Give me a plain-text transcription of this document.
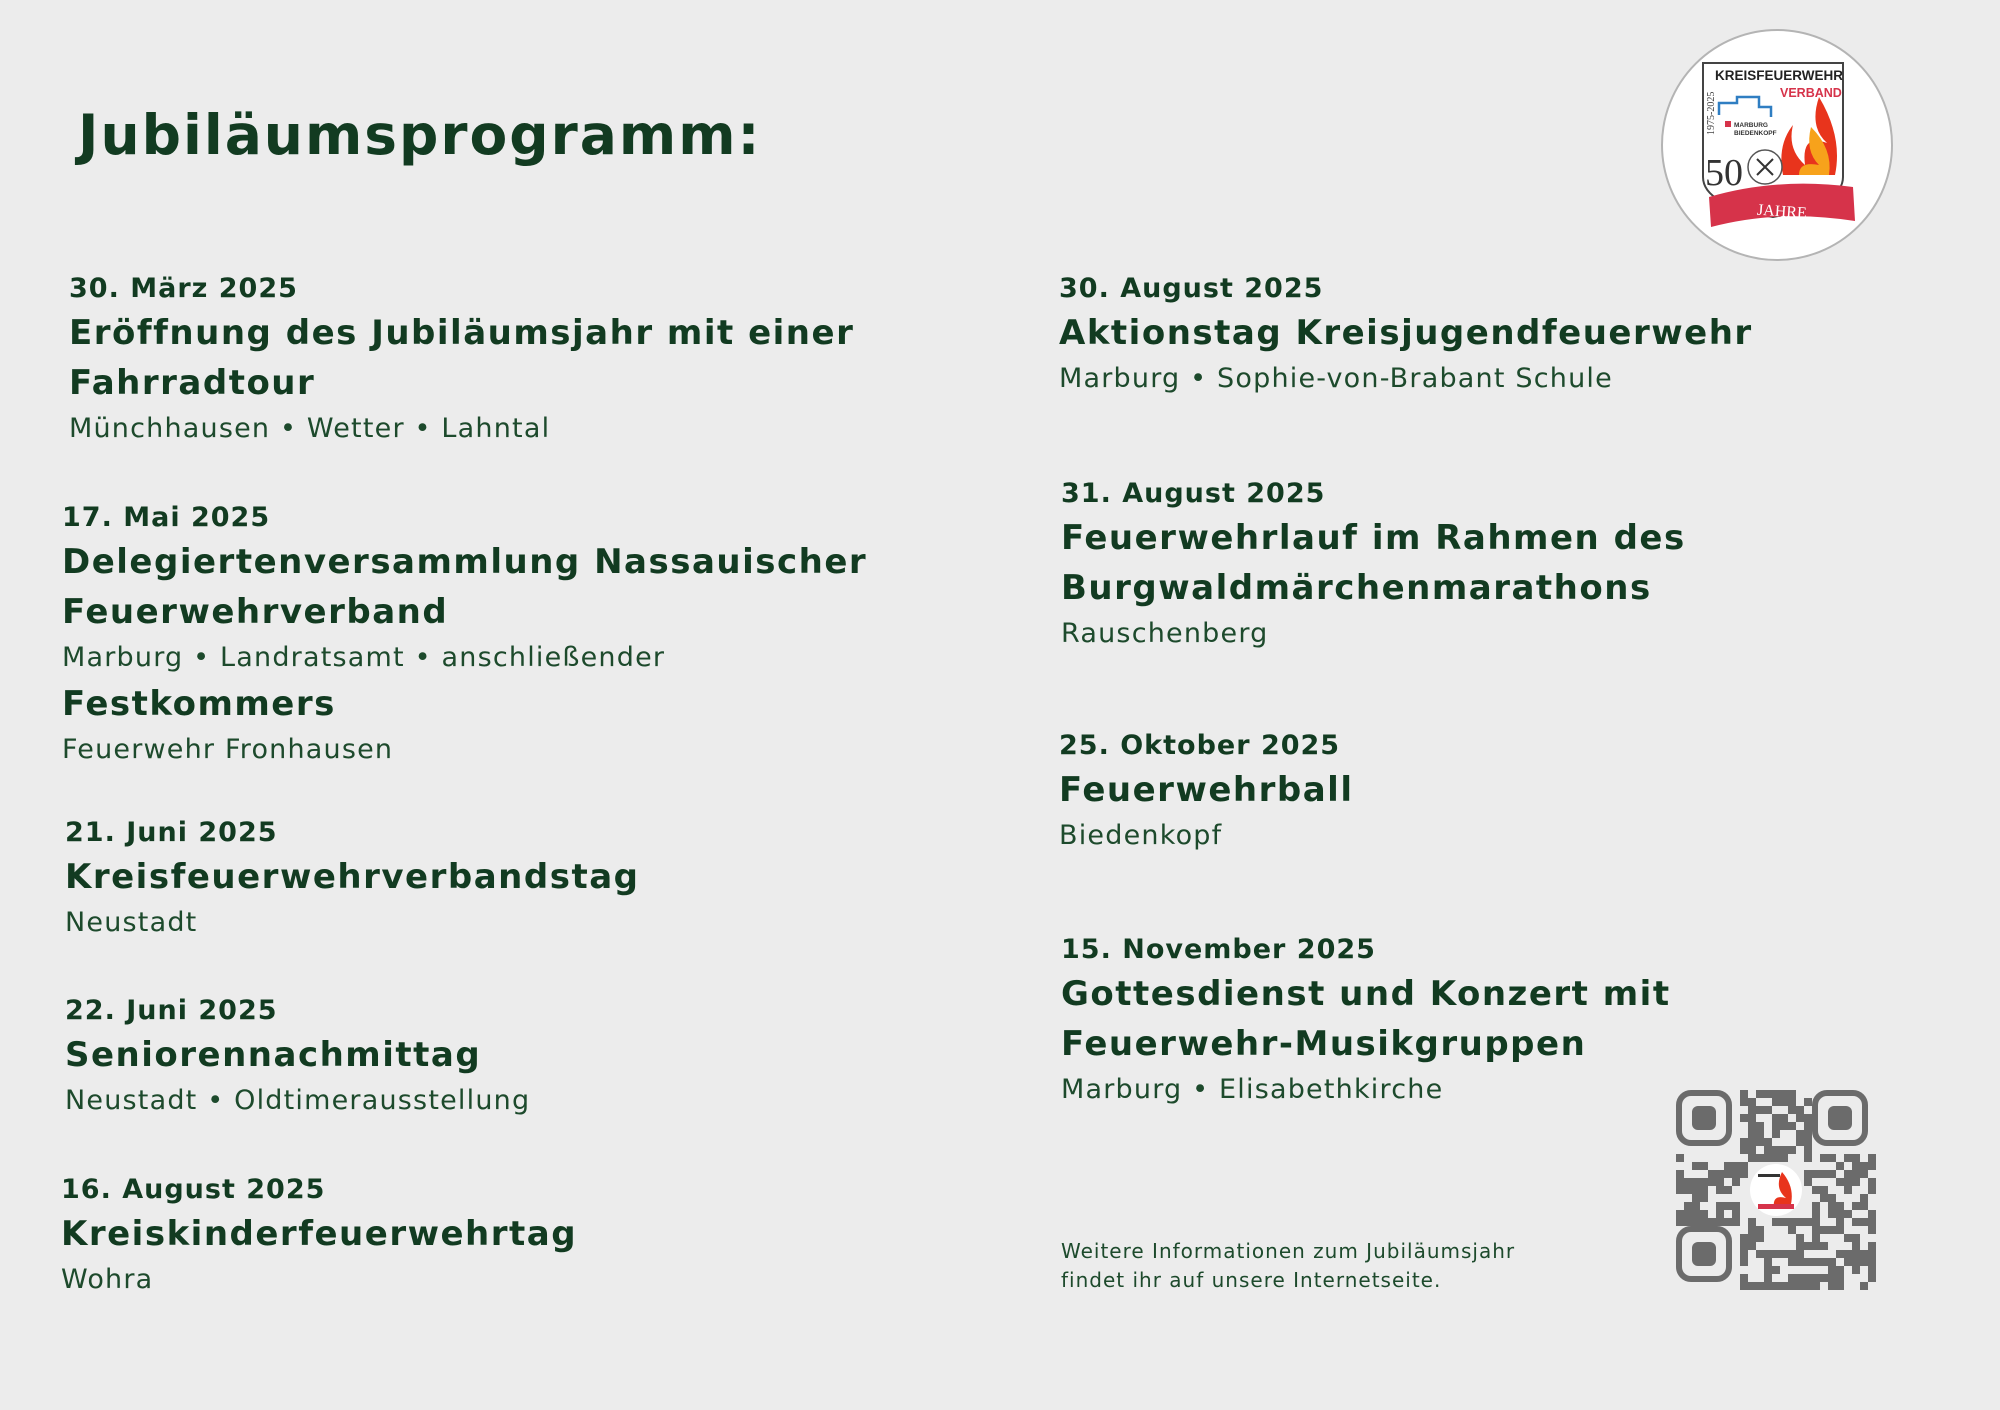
Jubiläumsprogramm:
KREISFEUERWEHR
VERBAND
MARBURG
BIEDENKOPF
1975-2025
50
JAHRE
30. März 2025
Eröffnung des Jubiläumsjahr mit einer
Fahrradtour
Münchhausen • Wetter • Lahntal
17. Mai 2025
Delegiertenversammlung Nassauischer
Feuerwehrverband
Marburg • Landratsamt • anschließender
Festkommers
Feuerwehr Fronhausen
21. Juni 2025
Kreisfeuerwehrverbandstag
Neustadt
22. Juni 2025
Seniorennachmittag
Neustadt • Oldtimerausstellung
16. August 2025
Kreiskinderfeuerwehrtag
Wohra
30. August 2025
Aktionstag Kreisjugendfeuerwehr
Marburg • Sophie-von-Brabant Schule
31. August 2025
Feuerwehrlauf im Rahmen des
Burgwaldmärchenmarathons
Rauschenberg
25. Oktober 2025
Feuerwehrball
Biedenkopf
15. November 2025
Gottesdienst und Konzert mit
Feuerwehr-Musikgruppen
Marburg • Elisabethkirche
Weitere Informationen zum Jubiläumsjahr
findet ihr auf unsere Internetseite.
